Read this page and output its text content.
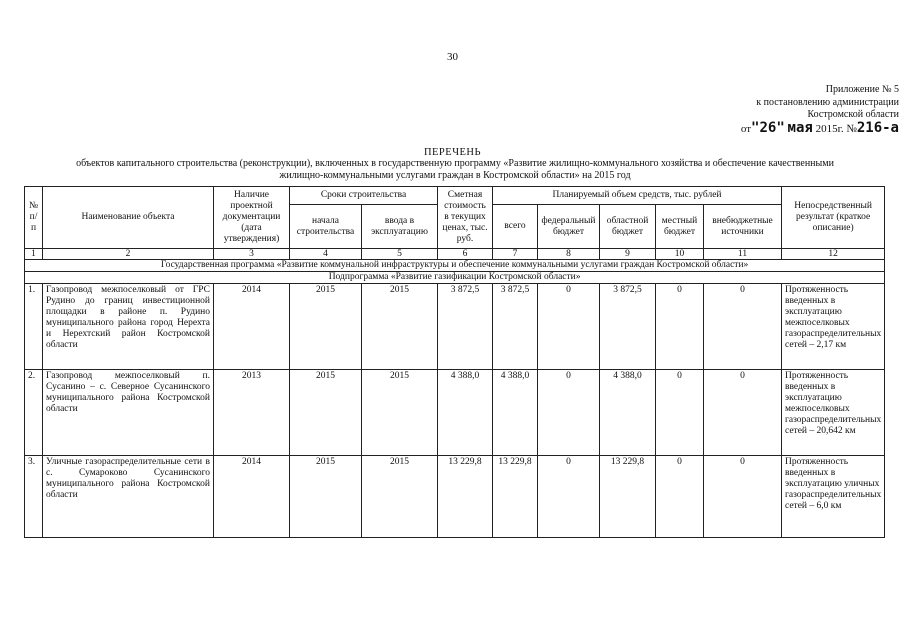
30
Приложение № 5
к постановлению администрации
Костромской области
от"26" мая 2015г. №216-а
ПЕРЕЧЕНЬ
объектов капитального строительства (реконструкции), включенных в государственную программу «Развитие жилищно-коммунального хозяйства и обеспечение качественными жилищно-коммунальными услугами граждан в Костромской области» на 2015 год
№ п/п	Наименование объекта	Наличие проектной документации (дата утверждения)	Сроки строительства		Сметная стоимость в текущих ценах, тыс. руб.	Планируемый объем средств, тыс. рублей					Непосредственный результат (краткое описание)
			начала строительства	ввода в эксплуатацию		всего	федеральный бюджет	областной бюджет	местный бюджет	внебюджетные источники	
1	2	3	4	5	6	7	8	9	10	11	12
Государственная программа «Развитие коммунальной инфраструктуры и обеспечение коммунальными услугами граждан Костромской области»											
Подпрограмма «Развитие газификации Костромской области»											
1.	Газопровод межпоселковый от ГРС Рудино до границ инвестиционной площадки в районе п. Рудино муниципального района город Нерехта и Нерехтский район Костромской области	2014	2015	2015	3 872,5	3 872,5	0	3 872,5	0	0	Протяженность введенных в эксплуатацию межпоселковых газораспределительных сетей – 2,17 км
2.	Газопровод межпоселковый п. Сусанино – с. Северное Сусанинского муниципального района Костромской области	2013	2015	2015	4 388,0	4 388,0	0	4 388,0	0	0	Протяженность введенных в эксплуатацию межпоселковых газораспределительных сетей – 20,642 км
3.	Уличные газораспределительные сети в с. Сумароково Сусанинского муниципального района Костромской области	2014	2015	2015	13 229,8	13 229,8	0	13 229,8	0	0	Протяженность введенных в эксплуатацию уличных газораспределительных сетей – 6,0 км
